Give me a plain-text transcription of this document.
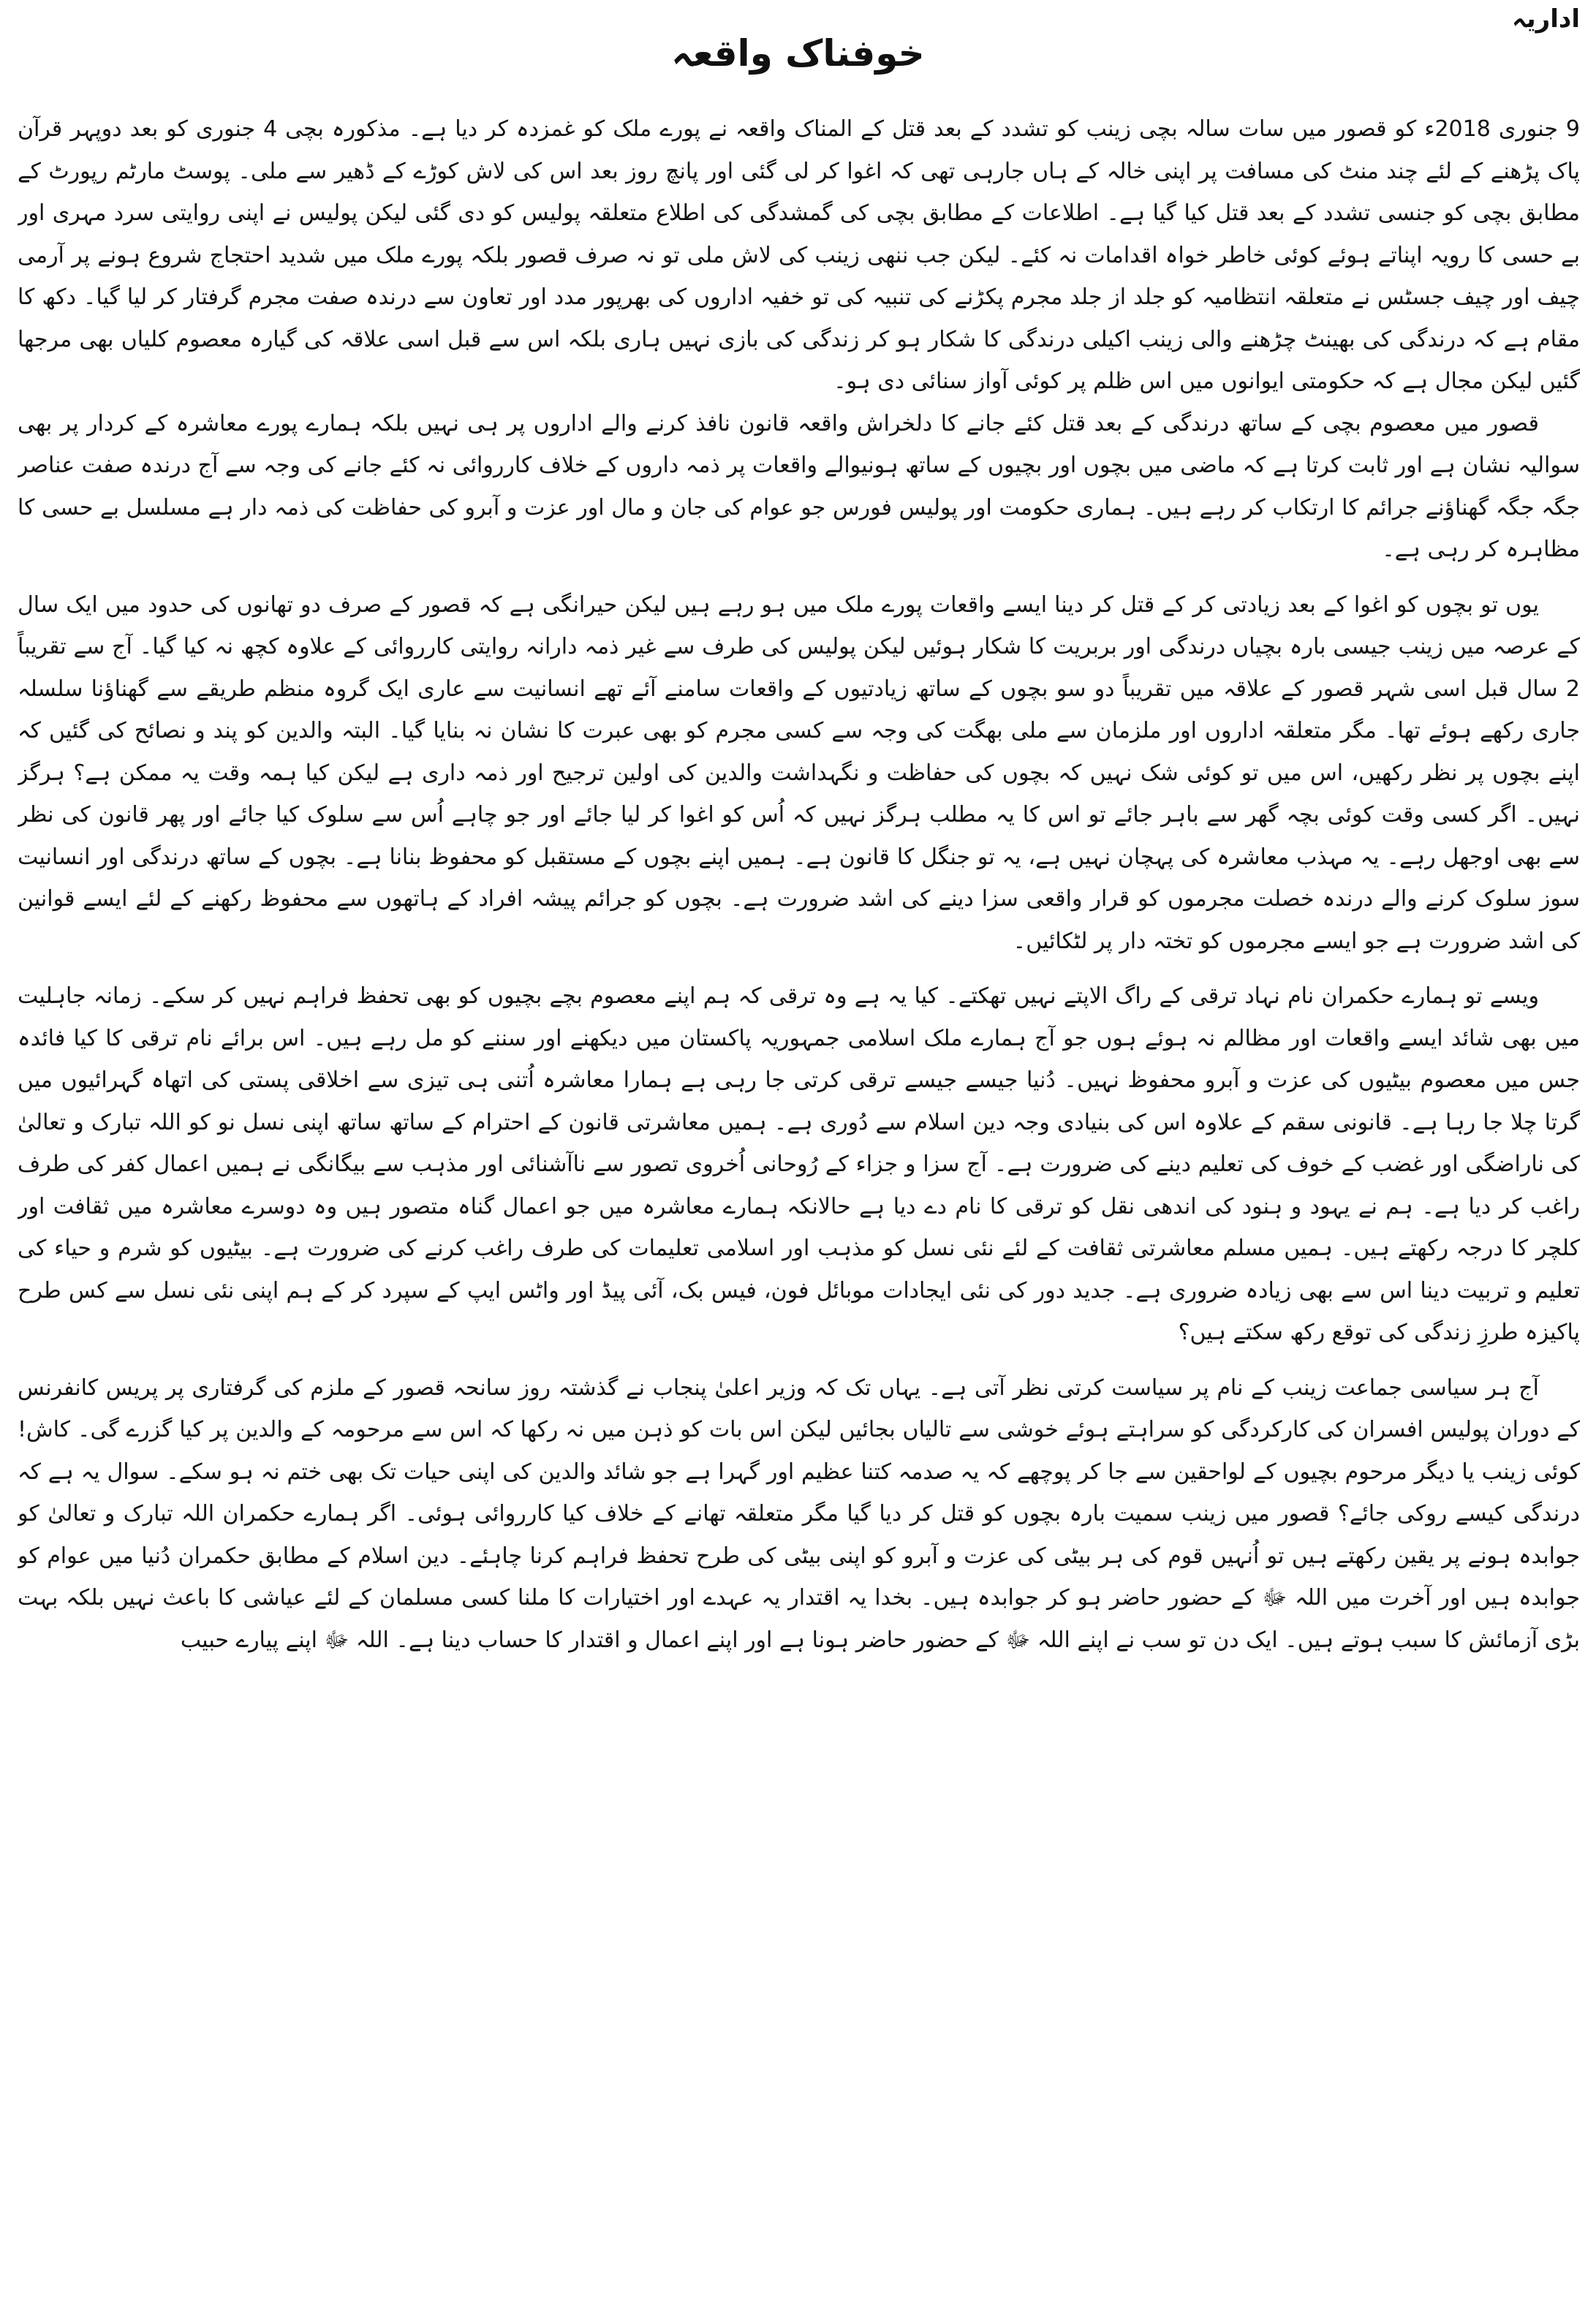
اداریہ

خوفناک واقعہ

9 جنوری 2018ء کو قصور میں سات سالہ بچی زینب کو تشدد کے بعد قتل کے المناک واقعہ نے پورے ملک کو غمزدہ کر دیا ہے۔ مذکورہ بچی 4 جنوری کو بعد دوپہر قرآن پاک پڑھنے کے لئے چند منٹ کی مسافت پر اپنی خالہ کے ہاں جارہی تھی کہ اغوا کر لی گئی اور پانچ روز بعد اس کی لاش کوڑے کے ڈھیر سے ملی۔ پوسٹ مارٹم رپورٹ کے مطابق بچی کو جنسی تشدد کے بعد قتل کیا گیا ہے۔ اطلاعات کے مطابق بچی کی گمشدگی کی اطلاع متعلقہ پولیس کو دی گئی لیکن پولیس نے اپنی روایتی سرد مہری اور بے حسی کا رویہ اپناتے ہوئے کوئی خاطر خواہ اقدامات نہ کئے۔ لیکن جب ننھی زینب کی لاش ملی تو نہ صرف قصور بلکہ پورے ملک میں شدید احتجاج شروع ہونے پر آرمی چیف اور چیف جسٹس نے متعلقہ انتظامیہ کو جلد از جلد مجرم پکڑنے کی تنبیہ کی تو خفیہ اداروں کی بھرپور مدد اور تعاون سے درندہ صفت مجرم گرفتار کر لیا گیا۔ دکھ کا مقام ہے کہ درندگی کی بھینٹ چڑھنے والی زینب اکیلی درندگی کا شکار ہو کر زندگی کی بازی نہیں ہاری بلکہ اس سے قبل اسی علاقہ کی گیارہ معصوم کلیاں بھی مرجھا گئیں لیکن مجال ہے کہ حکومتی ایوانوں میں اس ظلم پر کوئی آواز سنائی دی ہو۔

قصور میں معصوم بچی کے ساتھ درندگی کے بعد قتل کئے جانے کا دلخراش واقعہ قانون نافذ کرنے والے اداروں پر ہی نہیں بلکہ ہمارے پورے معاشرہ کے کردار پر بھی سوالیہ نشان ہے اور ثابت کرتا ہے کہ ماضی میں بچوں اور بچیوں کے ساتھ ہونیوالے واقعات پر ذمہ داروں کے خلاف کارروائی نہ کئے جانے کی وجہ سے آج درندہ صفت عناصر جگہ جگہ گھناؤنے جرائم کا ارتکاب کر رہے ہیں۔ ہماری حکومت اور پولیس فورس جو عوام کی جان و مال اور عزت و آبرو کی حفاظت کی ذمہ دار ہے مسلسل بے حسی کا مظاہرہ کر رہی ہے۔

یوں تو بچوں کو اغوا کے بعد زیادتی کر کے قتل کر دینا ایسے واقعات پورے ملک میں ہو رہے ہیں لیکن حیرانگی ہے کہ قصور کے صرف دو تھانوں کی حدود میں ایک سال کے عرصہ میں زینب جیسی بارہ بچیاں درندگی اور بربریت کا شکار ہوئیں لیکن پولیس کی طرف سے غیر ذمہ دارانہ روایتی کارروائی کے علاوہ کچھ نہ کیا گیا۔ آج سے تقریباً 2 سال قبل اسی شہر قصور کے علاقہ میں تقریباً دو سو بچوں کے ساتھ زیادتیوں کے واقعات سامنے آئے تھے انسانیت سے عاری ایک گروہ منظم طریقے سے گھناؤنا سلسلہ جاری رکھے ہوئے تھا۔ مگر متعلقہ اداروں اور ملزمان سے ملی بھگت کی وجہ سے کسی مجرم کو بھی عبرت کا نشان نہ بنایا گیا۔ البتہ والدین کو پند و نصائح کی گئیں کہ اپنے بچوں پر نظر رکھیں، اس میں تو کوئی شک نہیں کہ بچوں کی حفاظت و نگہداشت والدین کی اولین ترجیح اور ذمہ داری ہے لیکن کیا ہمہ وقت یہ ممکن ہے؟ ہرگز نہیں۔ اگر کسی وقت کوئی بچہ گھر سے باہر جائے تو اس کا یہ مطلب ہرگز نہیں کہ اُس کو اغوا کر لیا جائے اور جو چاہے اُس سے سلوک کیا جائے اور پھر قانون کی نظر سے بھی اوجھل رہے۔ یہ مہذب معاشرہ کی پہچان نہیں ہے، یہ تو جنگل کا قانون ہے۔ ہمیں اپنے بچوں کے مستقبل کو محفوظ بنانا ہے۔ بچوں کے ساتھ درندگی اور انسانیت سوز سلوک کرنے والے درندہ خصلت مجرموں کو قرار واقعی سزا دینے کی اشد ضرورت ہے۔ بچوں کو جرائم پیشہ افراد کے ہاتھوں سے محفوظ رکھنے کے لئے ایسے قوانین کی اشد ضرورت ہے جو ایسے مجرموں کو تختہ دار پر لٹکائیں۔

ویسے تو ہمارے حکمران نام نہاد ترقی کے راگ الاپتے نہیں تھکتے۔ کیا یہ ہے وہ ترقی کہ ہم اپنے معصوم بچے بچیوں کو بھی تحفظ فراہم نہیں کر سکے۔ زمانہ جاہلیت میں بھی شائد ایسے واقعات اور مظالم نہ ہوئے ہوں جو آج ہمارے ملک اسلامی جمہوریہ پاکستان میں دیکھنے اور سننے کو مل رہے ہیں۔ اس برائے نام ترقی کا کیا فائدہ جس میں معصوم بیٹیوں کی عزت و آبرو محفوظ نہیں۔ دُنیا جیسے جیسے ترقی کرتی جا رہی ہے ہمارا معاشرہ اُتنی ہی تیزی سے اخلاقی پستی کی اتھاہ گہرائیوں میں گرتا چلا جا رہا ہے۔ قانونی سقم کے علاوہ اس کی بنیادی وجہ دین اسلام سے دُوری ہے۔ ہمیں معاشرتی قانون کے احترام کے ساتھ ساتھ اپنی نسل نو کو اللہ تبارک و تعالیٰ کی ناراضگی اور غضب کے خوف کی تعلیم دینے کی ضرورت ہے۔ آج سزا و جزاء کے رُوحانی اُخروی تصور سے ناآشنائی اور مذہب سے بیگانگی نے ہمیں اعمال کفر کی طرف راغب کر دیا ہے۔ ہم نے یہود و ہنود کی اندھی نقل کو ترقی کا نام دے دیا ہے حالانکہ ہمارے معاشرہ میں جو اعمال گناہ متصور ہیں وہ دوسرے معاشرہ میں ثقافت اور کلچر کا درجہ رکھتے ہیں۔ ہمیں مسلم معاشرتی ثقافت کے لئے نئی نسل کو مذہب اور اسلامی تعلیمات کی طرف راغب کرنے کی ضرورت ہے۔ بیٹیوں کو شرم و حیاء کی تعلیم و تربیت دینا اس سے بھی زیادہ ضروری ہے۔ جدید دور کی نئی ایجادات موبائل فون، فیس بک، آئی پیڈ اور واٹس ایپ کے سپرد کر کے ہم اپنی نئی نسل سے کس طرح پاکیزہ طرزِ زندگی کی توقع رکھ سکتے ہیں؟

آج ہر سیاسی جماعت زینب کے نام پر سیاست کرتی نظر آتی ہے۔ یہاں تک کہ وزیر اعلیٰ پنجاب نے گذشتہ روز سانحہ قصور کے ملزم کی گرفتاری پر پریس کانفرنس کے دوران پولیس افسران کی کارکردگی کو سراہتے ہوئے خوشی سے تالیاں بجائیں لیکن اس بات کو ذہن میں نہ رکھا کہ اس سے مرحومہ کے والدین پر کیا گزرے گی۔ کاش! کوئی زینب یا دیگر مرحوم بچیوں کے لواحقین سے جا کر پوچھے کہ یہ صدمہ کتنا عظیم اور گہرا ہے جو شائد والدین کی اپنی حیات تک بھی ختم نہ ہو سکے۔ سوال یہ ہے کہ درندگی کیسے روکی جائے؟ قصور میں زینب سمیت بارہ بچوں کو قتل کر دیا گیا مگر متعلقہ تھانے کے خلاف کیا کارروائی ہوئی۔ اگر ہمارے حکمران اللہ تبارک و تعالیٰ کو جوابدہ ہونے پر یقین رکھتے ہیں تو اُنہیں قوم کی ہر بیٹی کی عزت و آبرو کو اپنی بیٹی کی طرح تحفظ فراہم کرنا چاہئے۔ دین اسلام کے مطابق حکمران دُنیا میں عوام کو جوابدہ ہیں اور آخرت میں اللہ ﷻ کے حضور حاضر ہو کر جوابدہ ہیں۔ بخدا یہ اقتدار یہ عہدے اور اختیارات کا ملنا کسی مسلمان کے لئے عیاشی کا باعث نہیں بلکہ بہت بڑی آزمائش کا سبب ہوتے ہیں۔ ایک دن تو سب نے اپنے اللہ ﷻ کے حضور حاضر ہونا ہے اور اپنے اعمال و اقتدار کا حساب دینا ہے۔ اللہ ﷻ اپنے پیارے حبیب
